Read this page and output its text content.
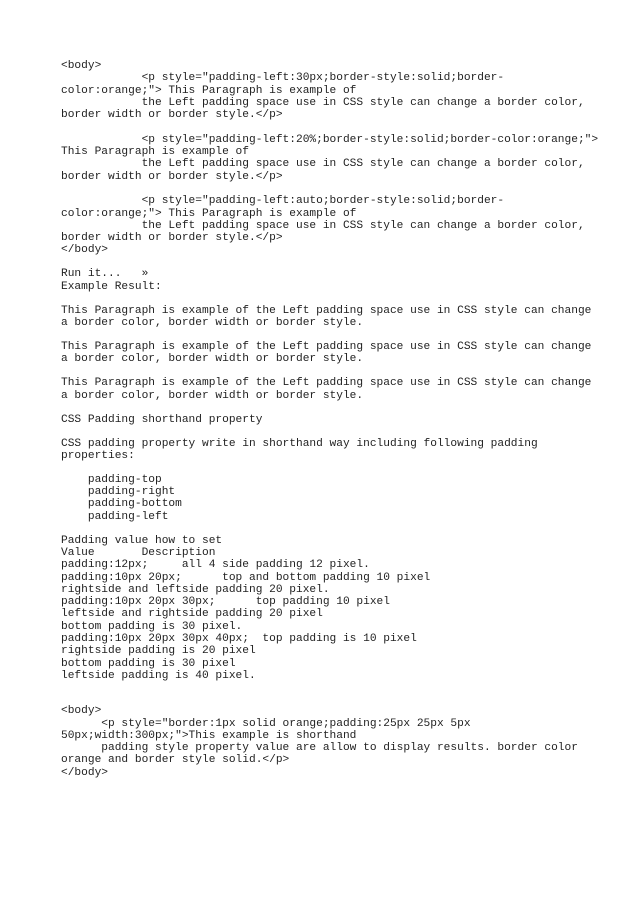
<body>
<p style="padding-left:30px;border-style:solid;border-
color:orange;"> This Paragraph is example of
the Left padding space use in CSS style can change a border color,
border width or border style.</p>
<p style="padding-left:20%;border-style:solid;border-color:orange;">
This Paragraph is example of
the Left padding space use in CSS style can change a border color,
border width or border style.</p>
<p style="padding-left:auto;border-style:solid;border-
color:orange;"> This Paragraph is example of
the Left padding space use in CSS style can change a border color,
border width or border style.</p>
</body>
Run it...   »
Example Result:
This Paragraph is example of the Left padding space use in CSS style can change
a border color, border width or border style.
This Paragraph is example of the Left padding space use in CSS style can change
a border color, border width or border style.
This Paragraph is example of the Left padding space use in CSS style can change
a border color, border width or border style.
CSS Padding shorthand property
CSS padding property write in shorthand way including following padding
properties:
padding-top
padding-right
padding-bottom
padding-left
Padding value how to set
Value       Description
padding:12px;     all 4 side padding 12 pixel.
padding:10px 20px;      top and bottom padding 10 pixel
rightside and leftside padding 20 pixel.
padding:10px 20px 30px;      top padding 10 pixel
leftside and rightside padding 20 pixel
bottom padding is 30 pixel.
padding:10px 20px 30px 40px;  top padding is 10 pixel
rightside padding is 20 pixel
bottom padding is 30 pixel
leftside padding is 40 pixel.
<body>
<p style="border:1px solid orange;padding:25px 25px 5px
50px;width:300px;">This example is shorthand
padding style property value are allow to display results. border color
orange and border style solid.</p>
</body>
